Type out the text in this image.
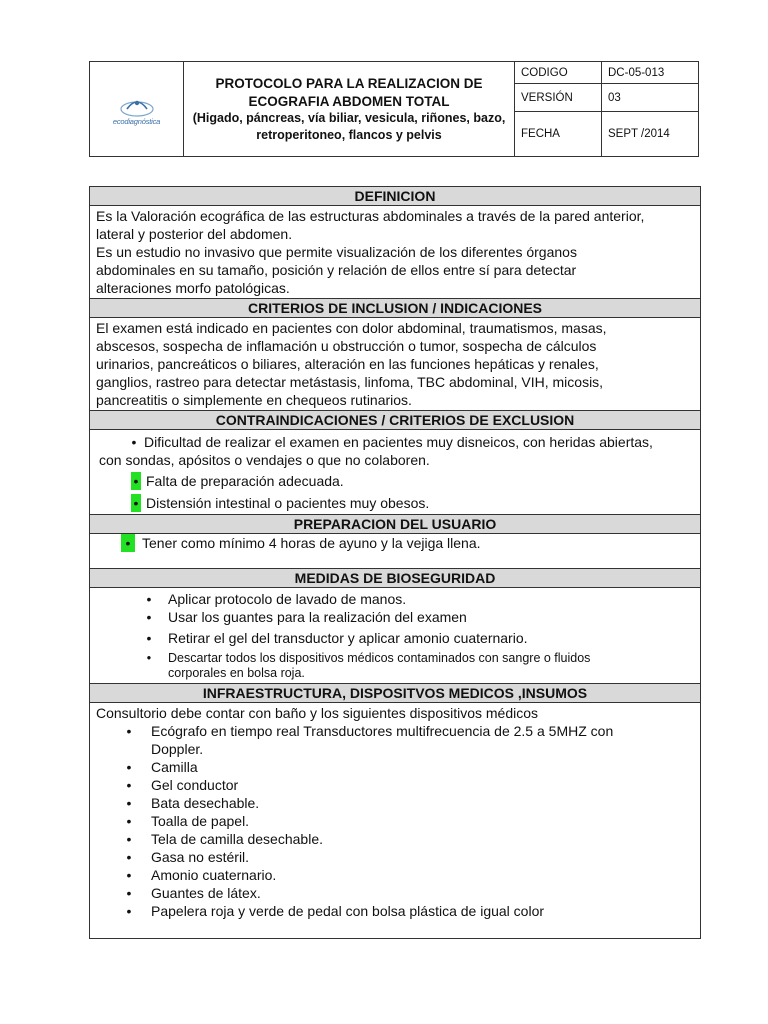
ecodiagnóstica	PROTOCOLO PARA LA REALIZACION DE
ECOGRAFIA ABDOMEN TOTAL
(Higado, páncreas, vía biliar, vesicula, riñones, bazo,
retroperitoneo, flancos y pelvis	CODIGO	DC-05-013
		VERSIÓN	03
		FECHA	SEPT /2014
DEFINICION

Es la Valoración ecográfica de las estructuras abdominales a través de la pared anterior,

lateral y posterior del abdomen.

Es un estudio no invasivo que permite visualización de los diferentes órganos

abdominales en su tamaño, posición y relación de ellos entre sí para detectar

alteraciones morfo patológicas.

CRITERIOS DE INCLUSION / INDICACIONES

El examen está indicado en pacientes con dolor abdominal, traumatismos, masas,

abscesos, sospecha de inflamación u obstrucción o tumor, sospecha de cálculos

urinarios, pancreáticos o biliares, alteración en las funciones hepáticas y renales,

ganglios, rastreo para detectar metástasis, linfoma, TBC abdominal, VIH, micosis,

pancreatitis o simplemente en chequeos rutinarios.

CONTRAINDICACIONES / CRITERIOS DE EXCLUSION
• Dificultad de realizar el examen en pacientes muy disneicos, con heridas abiertas,
con sondas, apósitos o vendajes o que no colaboren.
• Falta de preparación adecuada.
• Distensión intestinal o pacientes muy obesos.
PREPARACION DEL USUARIO
• Tener como mínimo 4 horas de ayuno y la vejiga llena.
MEDIDAS DE BIOSEGURIDAD
• Aplicar protocolo de lavado de manos.
• Usar los guantes para la realización del examen
• Retirar el gel del transductor y aplicar amonio cuaternario.
• Descartar todos los dispositivos médicos contaminados con sangre o fluidos
corporales en bolsa roja.
INFRAESTRUCTURA, DISPOSITVOS MEDICOS ,INSUMOS

Consultorio debe contar con baño y los siguientes dispositivos médicos

• Ecógrafo en tiempo real Transductores multifrecuencia de 2.5 a 5MHZ con
Doppler.
• Camilla
• Gel conductor
• Bata desechable.
• Toalla de papel.
• Tela de camilla desechable.
• Gasa no estéril.
• Amonio cuaternario.
• Guantes de látex.
• Papelera roja y verde de pedal con bolsa plástica de igual color
